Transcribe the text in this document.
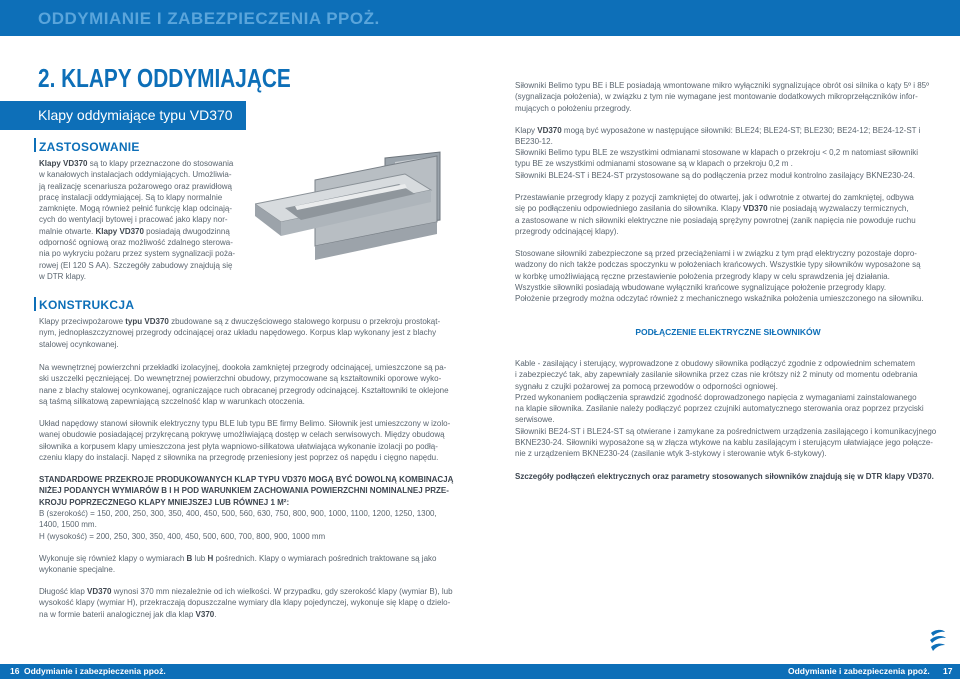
ODDYMIANIE I ZABEZPIECZENIA PPOŻ.
2. KLAPY ODDYMIAJĄCE
Klapy oddymiające typu VD370
ZASTOSOWANIE
Klapy VD370 są to klapy przeznaczone do stosowania
w kanałowych instalacjach oddymiających. Umożliwia-
ją realizację scenariusza pożarowego oraz prawidłową
pracę instalacji oddymiającej. Są to klapy normalnie
zamknięte. Mogą również pełnić funkcję klap odcinają-
cych do wentylacji bytowej i pracować jako klapy nor-
malnie otwarte. Klapy VD370 posiadają dwugodzinną
odporność ogniową oraz możliwość zdalnego sterowa-
nia po wykryciu pożaru przez system sygnalizacji poża-
rowej (EI 120 S AA). Szczegóły zabudowy znajdują się
w DTR klapy.
KONSTRUKCJA
Klapy przeciwpożarowe typu VD370 zbudowane są z dwuczęściowego stalowego korpusu o przekroju prostokąt-
nym, jednopłaszczyznowej przegrody odcinającej oraz układu napędowego. Korpus klap wykonany jest z blachy
stalowej ocynkowanej.
Na wewnętrznej powierzchni przekładki izolacyjnej, dookoła zamkniętej przegrody odcinającej, umieszczone są pa-
ski uszczelki pęczniejącej. Do wewnętrznej powierzchni obudowy, przymocowane są kształtowniki oporowe wyko-
nane z blachy stalowej ocynkowanej, ograniczające ruch obracanej przegrody odcinającej. Kształtowniki te oklejone
są taśmą silikatową zapewniającą szczelność klap w warunkach otoczenia.
Układ napędowy stanowi siłownik elektryczny typu BLE lub typu BE firmy Belimo. Siłownik jest umieszczony w izolo-
wanej obudowie posiadającej przykręcaną pokrywę umożliwiającą dostęp w celach serwisowych. Między obudową
siłownika a korpusem klapy umieszczona jest płyta wapniowo-silikatowa ułatwiająca wykonanie izolacji po podłą-
czeniu klapy do instalacji. Napęd z siłownika na przegrodę przeniesiony jest poprzez oś napędu i cięgno napędu.
STANDARDOWE PRZEKROJE PRODUKOWANYCH KLAP TYPU VD370 MOGĄ BYĆ DOWOLNĄ KOMBINACJĄ
NIŻEJ PODANYCH WYMIARÓW B I H POD WARUNKIEM ZACHOWANIA POWIERZCHNI NOMINALNEJ PRZE-
KROJU POPRZECZNEGO KLAPY MNIEJSZEJ LUB RÓWNEJ 1 M²:
B (szerokość) = 150, 200, 250, 300, 350, 400, 450, 500, 560, 630, 750, 800, 900, 1000, 1100, 1200, 1250, 1300,
1400, 1500 mm.
H (wysokość) = 200, 250, 300, 350, 400, 450, 500, 600, 700, 800, 900, 1000 mm
Wykonuje się również klapy o wymiarach B lub H pośrednich. Klapy o wymiarach pośrednich traktowane są jako
wykonanie specjalne.
Długość klap VD370 wynosi 370 mm niezależnie od ich wielkości. W przypadku, gdy szerokość klapy (wymiar B), lub
wysokość klapy (wymiar H), przekraczają dopuszczalne wymiary dla klapy pojedynczej, wykonuje się klapę o dzielo-
na w formie baterii analogicznej jak dla klap V370.
Siłowniki Belimo typu BE i BLE posiadają wmontowane mikro wyłączniki sygnalizujące obrót osi silnika o kąty 5º i 85º
(sygnalizacja położenia), w związku z tym nie wymagane jest montowanie dodatkowych mikroprzełączników infor-
mujących o położeniu przegrody.
Klapy VD370 mogą być wyposażone w następujące siłowniki: BLE24; BLE24-ST; BLE230; BE24-12; BE24-12-ST i BE230-12.
Siłowniki Belimo typu BLE ze wszystkimi odmianami stosowane w klapach o przekroju < 0,2 m natomiast siłowniki
typu BE ze wszystkimi odmianami stosowane są w klapach o przekroju 0,2 m .
Siłowniki BLE24-ST i BE24-ST przystosowane są do podłączenia przez moduł kontrolno zasilający BKNE230-24.
Przestawianie przegrody klapy z pozycji zamkniętej do otwartej, jak i odwrotnie z otwartej do zamkniętej, odbywa
się po podłączeniu odpowiedniego zasilania do siłownika. Klapy VD370 nie posiadają wyzwalaczy termicznych,
a zastosowane w nich siłowniki elektryczne nie posiadają sprężyny powrotnej (zanik napięcia nie powoduje ruchu
przegrody odcinającej klapy).
Stosowane siłowniki zabezpieczone są przed przeciążeniami i w związku z tym prąd elektryczny pozostaje dopro-
wadzony do nich także podczas spoczynku w położeniach krańcowych. Wszystkie typy siłowników wyposażone są
w korbkę umożliwiającą ręczne przestawienie położenia przegrody klapy w celu sprawdzenia jej działania.
Wszystkie siłowniki posiadają wbudowane wyłączniki krańcowe sygnalizujące położenie przegrody klapy.
Położenie przegrody można odczytać również z mechanicznego wskaźnika położenia umieszczonego na siłowniku.
PODŁĄCZENIE ELEKTRYCZNE SIŁOWNIKÓW
Kable - zasilający i sterujący, wyprowadzone z obudowy siłownika podłączyć zgodnie z odpowiednim schematem
i zabezpieczyć tak, aby zapewniały zasilanie siłownika przez czas nie krótszy niż 2 minuty od momentu odebrania
sygnału z czujki pożarowej za pomocą przewodów o odporności ogniowej.
Przed wykonaniem podłączenia sprawdzić zgodność doprowadzonego napięcia z wymaganiami zainstalowanego
na klapie siłownika. Zasilanie należy podłączyć poprzez czujniki automatycznego sterowania oraz poprzez przyciski
serwisowe.
Siłowniki BE24-ST i BLE24-ST są otwierane i zamykane za pośrednictwem urządzenia zasilającego i komunikacyjnego
BKNE230-24. Siłowniki wyposażone są w złącza wtykowe na kablu zasilającym i sterującym ułatwiające jego połącze-
nie z urządzeniem BKNE230-24 (zasilanie wtyk 3-stykowy i sterowanie wtyk 6-stykowy).
Szczegóły podłączeń elektrycznych oraz parametry stosowanych siłowników znajdują się w DTR klapy VD370.
16 Oddymianie i zabezpieczenia ppoż.	Oddymianie i zabezpieczenia ppoż. 17
